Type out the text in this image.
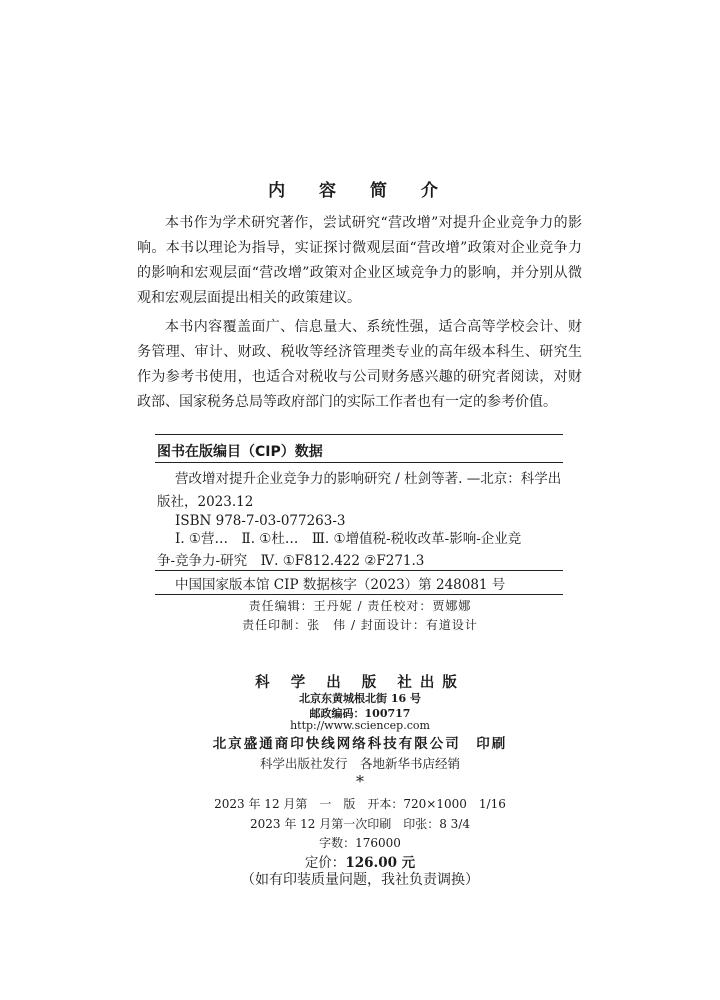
内 容 简 介

本书作为学术研究著作，尝试研究“营改增”对提升企业竞争力的影响。本书以理论为指导，实证探讨微观层面“营改增”政策对企业竞争力的影响和宏观层面“营改增”政策对企业区域竞争力的影响，并分别从微观和宏观层面提出相关的政策建议。

本书内容覆盖面广、信息量大、系统性强，适合高等学校会计、财务管理、审计、财政、税收等经济管理类专业的高年级本科生、研究生作为参考书使用，也适合对税收与公司财务感兴趣的研究者阅读，对财政部、国家税务总局等政府部门的实际工作者也有一定的参考价值。

图书在版编目（CIP）数据
营改增对提升企业竞争力的影响研究 / 杜剑等著. —北京：科学出
版社，2023.12
ISBN 978-7-03-077263-3
Ⅰ. ①营…　Ⅱ. ①杜…　Ⅲ. ①增值税-税收改革-影响-企业竞
争-竞争力-研究　Ⅳ. ①F812.422 ②F271.3
中国国家版本馆 CIP 数据核字（2023）第 248081 号
责任编辑：王丹妮 / 责任校对：贾娜娜
责任印制：张　伟 / 封面设计：有道设计
科 学 出 版 社出版
北京东黄城根北街 16 号
邮政编码：100717
http://www.sciencep.com
北京盛通商印快线网络科技有限公司　印刷
科学出版社发行　各地新华书店经销
*
2023 年 12 月第　一　版　开本：720×1000　1/16
2023 年 12 月第一次印刷　印张：8 3/4
字数：176000
定价：126.00 元
（如有印装质量问题，我社负责调换）
